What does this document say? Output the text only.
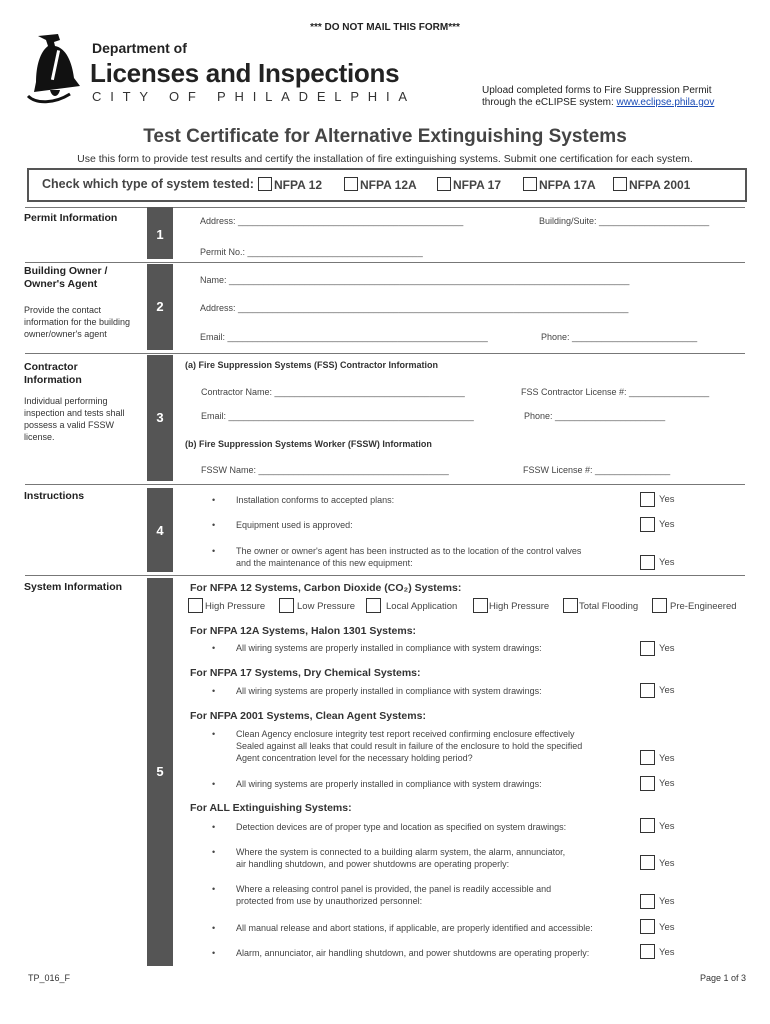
*** DO NOT MAIL THIS FORM***
Department of
Licenses and Inspections
CITY OF PHILADELPHIA	Upload completed forms to Fire Suppression Permit
through the eCLIPSE system: www.eclipse.phila.gov
Test Certificate for Alternative Extinguishing Systems
Use this form to provide test results and certify the installation of fire extinguishing systems. Submit one certification for each system.
Check which type of system tested:	NFPA 12	NFPA 12A	NFPA 17	NFPA 17A	NFPA 2001
1
Permit Information	Address: _____________________________________________	Building/Suite: ______________________
Permit No.: ___________________________________
2
Building Owner /
Owner's Agent
Provide the contact
information for the building
owner/owner's agent
Name: ________________________________________________________________________________
Address: ______________________________________________________________________________
Email: ____________________________________________________	Phone: _________________________
3
Contractor
Information
Individual performing
inspection and tests shall
possess a valid FSSW
license.
(a) Fire Suppression Systems (FSS) Contractor Information
Contractor Name: ______________________________________	FSS Contractor License #: ________________
Email: _________________________________________________	Phone: ______________________
(b) Fire Suppression Systems Worker (FSSW) Information
FSSW Name: ______________________________________	FSSW License #: _______________
4
Instructions	• Installation conforms to accepted plans:	Yes
• Equipment used is approved:	Yes
• The owner or owner's agent has been instructed as to the location of the control valves
and the maintenance of this new equipment:	Yes
5
System Information	For NFPA 12 Systems, Carbon Dioxide (CO₂) Systems:
High Pressure	Low Pressure	Local Application	High Pressure	Total Flooding	Pre-Engineered
For NFPA 12A Systems, Halon 1301 Systems:
• All wiring systems are properly installed in compliance with system drawings:	Yes
For NFPA 17 Systems, Dry Chemical Systems:
• All wiring systems are properly installed in compliance with system drawings:	Yes
For NFPA 2001 Systems, Clean Agent Systems:
• Clean Agency enclosure integrity test report received confirming enclosure effectively
Sealed against all leaks that could result in failure of the enclosure to hold the specified
Agent concentration level for the necessary holding period?	Yes
• All wiring systems are properly installed in compliance with system drawings:	Yes
For ALL Extinguishing Systems:
• Detection devices are of proper type and location as specified on system drawings:	Yes
• Where the system is connected to a building alarm system, the alarm, annunciator,
air handling shutdown, and power shutdowns are operating properly:	Yes
• Where a releasing control panel is provided, the panel is readily accessible and
protected from use by unauthorized personnel:	Yes
• All manual release and abort stations, if applicable, are properly identified and accessible:	Yes
• Alarm, annunciator, air handling shutdown, and power shutdowns are operating properly:	Yes
TP_016_F	Page 1 of 3
